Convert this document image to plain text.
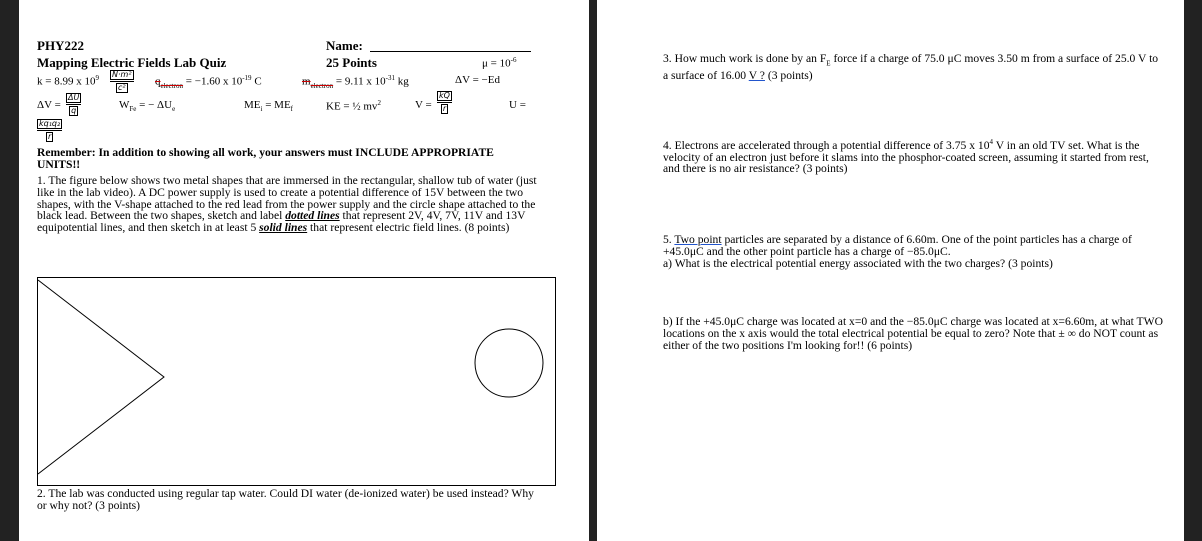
PHY222
Mapping Electric Fields Lab Quiz
Name:
25 Points	$\mu = 10^{-6}$
k = 8.99 x $10^9 \frac{\text{N·m²}}{\text{c²}} q_{electron} = -1.60$ x $10^{-19}$ C	$m_{electron} = 9.11$ x $10^{-31}$ kg	ΔV = −Ed
$\Delta V = \frac{\Delta U}{q}$	$W_{Fe}$ = − $\Delta U_e$	$ME_i = ME_f$	KE = ½ $mv^2$	$V = \frac{kQ}{r}$	U =
$\frac{\text{kq₁q₂}}{r}$
Remember: In addition to showing all work, your answers must INCLUDE APPROPRIATE UNITS!!
1. The figure below shows two metal shapes that are immersed in the rectangular, shallow tub of water (just like in the lab video). A DC power supply is used to create a potential difference of 15V between the two shapes, with the V-shape attached to the red lead from the power supply and the circle shape attached to the black lead. Between the two shapes, sketch and label dotted lines that represent 2V, 4V, 7V, 11V and 13V equipotential lines, and then sketch in at least 5 solid lines that represent electric field lines. (8 points)
2. The lab was conducted using regular tap water. Could DI water (de-ionized water) be used instead? Why or why not? (3 points)
3. How much work is done by an $F_E$ force if a charge of 75.0 μC moves 3.50 m from a surface of 25.0 V to a surface of 16.00 V ? (3 points)
4. Electrons are accelerated through a potential difference of 3.75 x $10^4$ V in an old TV set. What is the velocity of an electron just before it slams into the phosphor-coated screen, assuming it started from rest, and there is no air resistance? (3 points)
5. Two point particles are separated by a distance of 6.60m. One of the point particles has a charge of +45.0μC and the other point particle has a charge of −85.0μC.
a) What is the electrical potential energy associated with the two charges? (3 points)
b) If the +45.0μC charge was located at x=0 and the −85.0μC charge was located at x=6.60m, at what TWO locations on the x axis would the total electrical potential be equal to zero? Note that ± ∞ do NOT count as either of the two positions I'm looking for!! (6 points)
